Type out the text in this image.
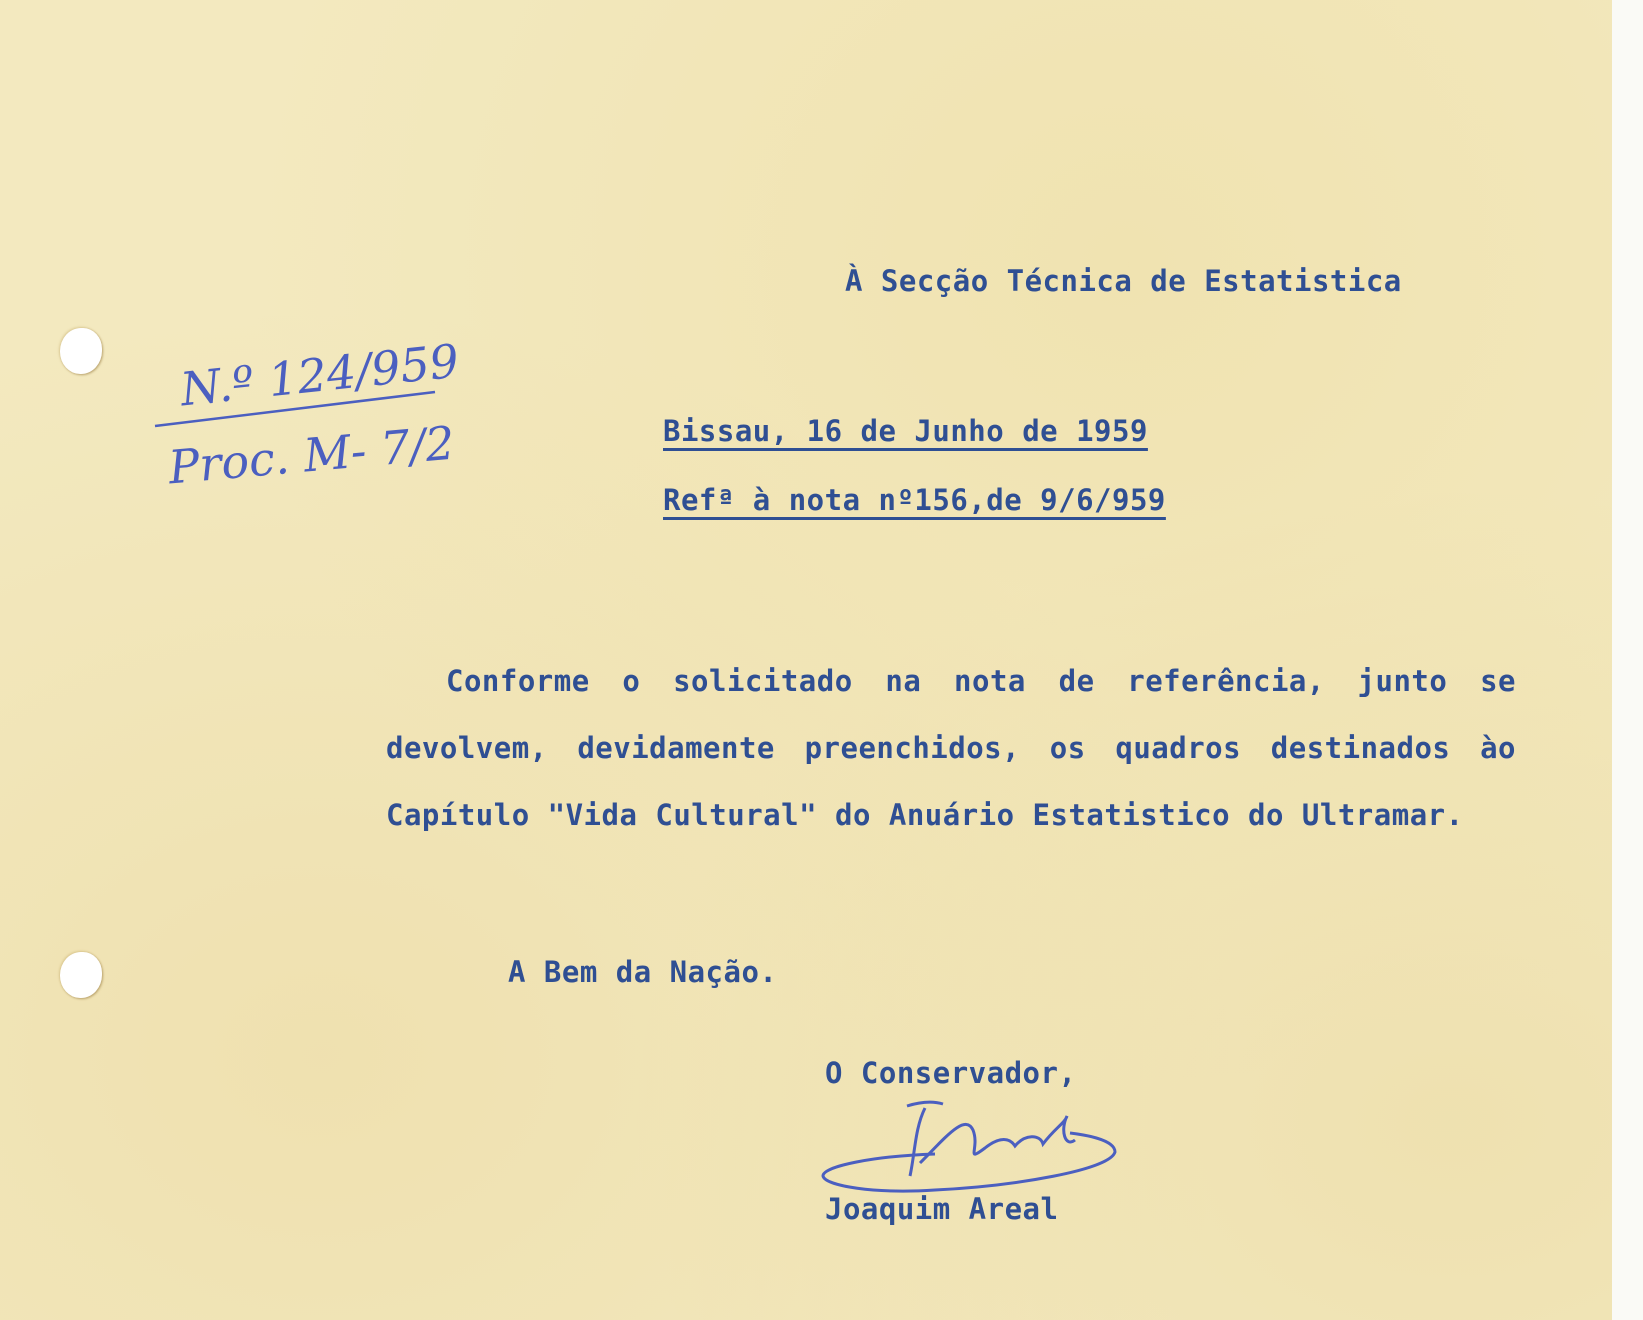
À Secção Técnica de Estatistica
N.º 124/959
Proc. M- 7/2	Bissau, 16 de Junho de 1959
Refª à nota nº156,de 9/6/959
Conforme o solicitado na nota de referência, junto se devolvem, devidamente preenchidos, os quadros destinados ào Capítulo "Vida Cultural" do Anuário Estatistico do Ultramar.
A Bem da Nação.
O Conservador,
Joaquim Areal
